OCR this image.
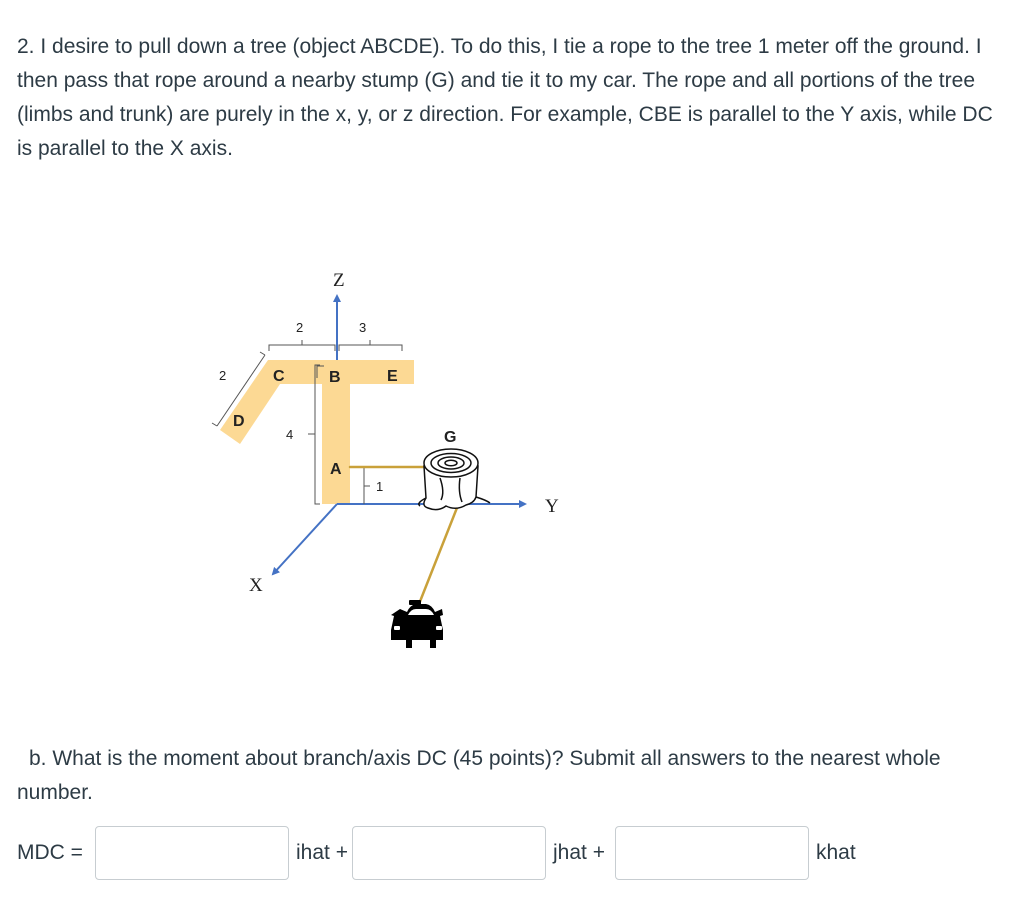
2. I desire to pull down a tree (object ABCDE). To do this, I tie a rope to the tree 1 meter off the ground. I then pass that rope around a nearby stump (G) and tie it to my car. The rope and all portions of the tree (limbs and trunk) are purely in the x, y, or z direction. For example, CBE is parallel to the Y axis, while DC is parallel to the X axis.

Z
Y
X
2	3
2
4
1
C	B	E
D
A
G

b. What is the moment about branch/axis DC (45 points)? Submit all answers to the nearest whole number.

MDC =	ihat +	jhat +	khat
